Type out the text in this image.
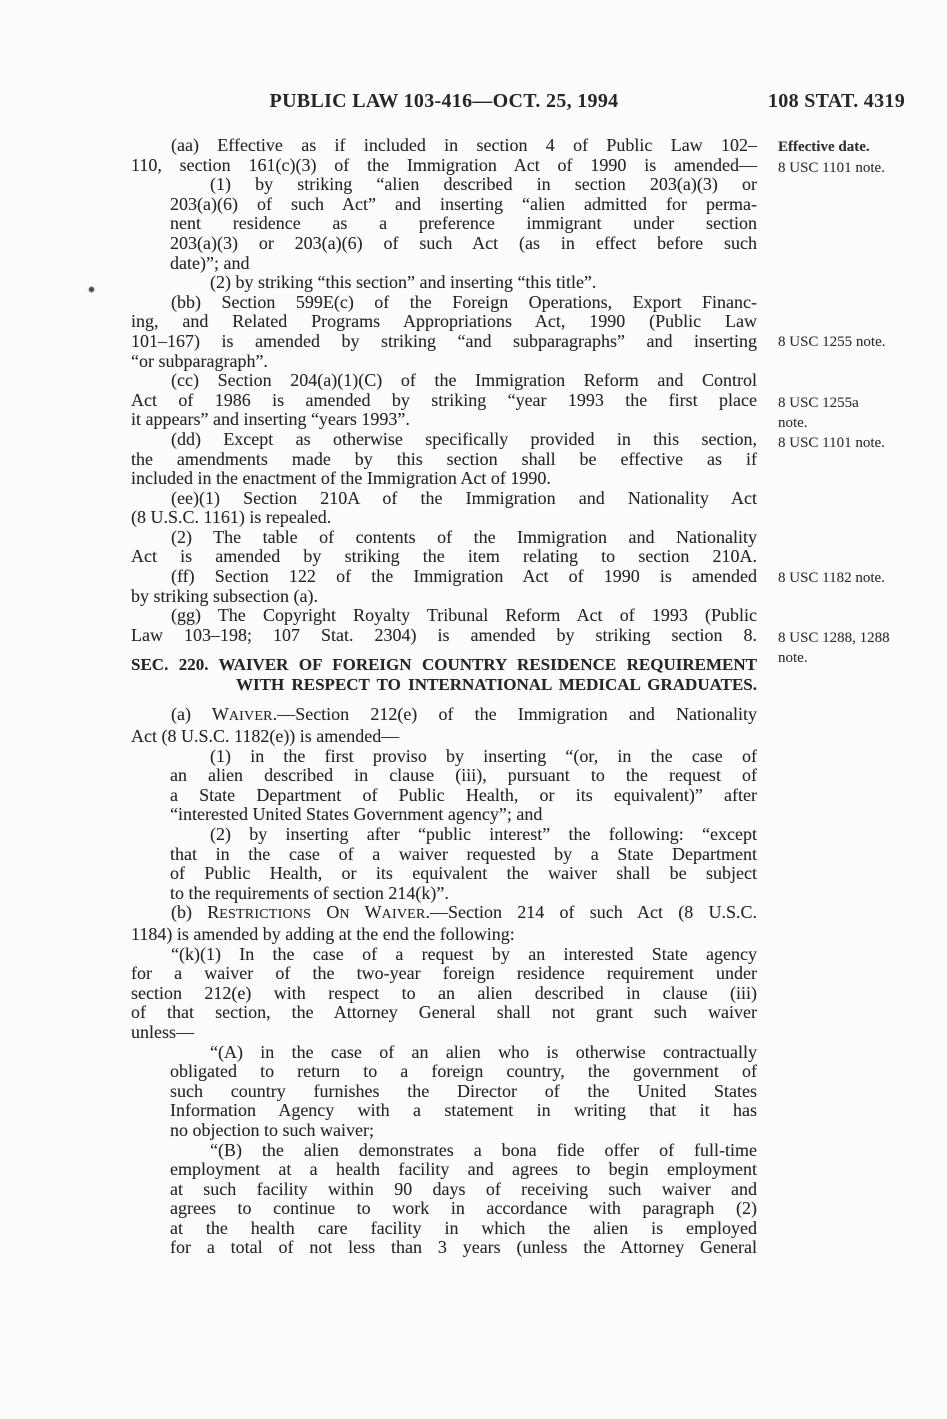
PUBLIC LAW 103-416—OCT. 25, 1994	108 STAT. 4319
(aa) Effective as if included in section 4 of Public Law 102–
110, section 161(c)(3) of the Immigration Act of 1990 is amended—
(1) by striking “alien described in section 203(a)(3) or
203(a)(6) of such Act” and inserting “alien admitted for perma-
nent residence as a preference immigrant under section
203(a)(3) or 203(a)(6) of such Act (as in effect before such
date)”; and
(2) by striking “this section” and inserting “this title”.
(bb) Section 599E(c) of the Foreign Operations, Export Financ-
ing, and Related Programs Appropriations Act, 1990 (Public Law
101–167) is amended by striking “and subparagraphs” and inserting
“or subparagraph”.
(cc) Section 204(a)(1)(C) of the Immigration Reform and Control
Act of 1986 is amended by striking “year 1993 the first place
it appears” and inserting “years 1993”.
(dd) Except as otherwise specifically provided in this section,
the amendments made by this section shall be effective as if
included in the enactment of the Immigration Act of 1990.
(ee)(1) Section 210A of the Immigration and Nationality Act
(8 U.S.C. 1161) is repealed.
(2) The table of contents of the Immigration and Nationality
Act is amended by striking the item relating to section 210A.
(ff) Section 122 of the Immigration Act of 1990 is amended
by striking subsection (a).
(gg) The Copyright Royalty Tribunal Reform Act of 1993 (Public
Law 103–198; 107 Stat. 2304) is amended by striking section 8.
SEC. 220. WAIVER OF FOREIGN COUNTRY RESIDENCE REQUIREMENT
WITH RESPECT TO INTERNATIONAL MEDICAL GRADUATES.
(a) WAIVER.—Section 212(e) of the Immigration and Nationality
Act (8 U.S.C. 1182(e)) is amended—
(1) in the first proviso by inserting “(or, in the case of
an alien described in clause (iii), pursuant to the request of
a State Department of Public Health, or its equivalent)” after
“interested United States Government agency”; and
(2) by inserting after “public interest” the following: “except
that in the case of a waiver requested by a State Department
of Public Health, or its equivalent the waiver shall be subject
to the requirements of section 214(k)”.
(b) RESTRICTIONS ON WAIVER.—Section 214 of such Act (8 U.S.C.
1184) is amended by adding at the end the following:
“(k)(1) In the case of a request by an interested State agency
for a waiver of the two-year foreign residence requirement under
section 212(e) with respect to an alien described in clause (iii)
of that section, the Attorney General shall not grant such waiver
unless—
“(A) in the case of an alien who is otherwise contractually
obligated to return to a foreign country, the government of
such country furnishes the Director of the United States
Information Agency with a statement in writing that it has
no objection to such waiver;
“(B) the alien demonstrates a bona fide offer of full-time
employment at a health facility and agrees to begin employment
at such facility within 90 days of receiving such waiver and
agrees to continue to work in accordance with paragraph (2)
at the health care facility in which the alien is employed
for a total of not less than 3 years (unless the Attorney General
Effective date.
8 USC 1101 note.
8 USC 1255 note.
8 USC 1255a
note.
8 USC 1101 note.
8 USC 1182 note.
8 USC 1288, 1288
note.
